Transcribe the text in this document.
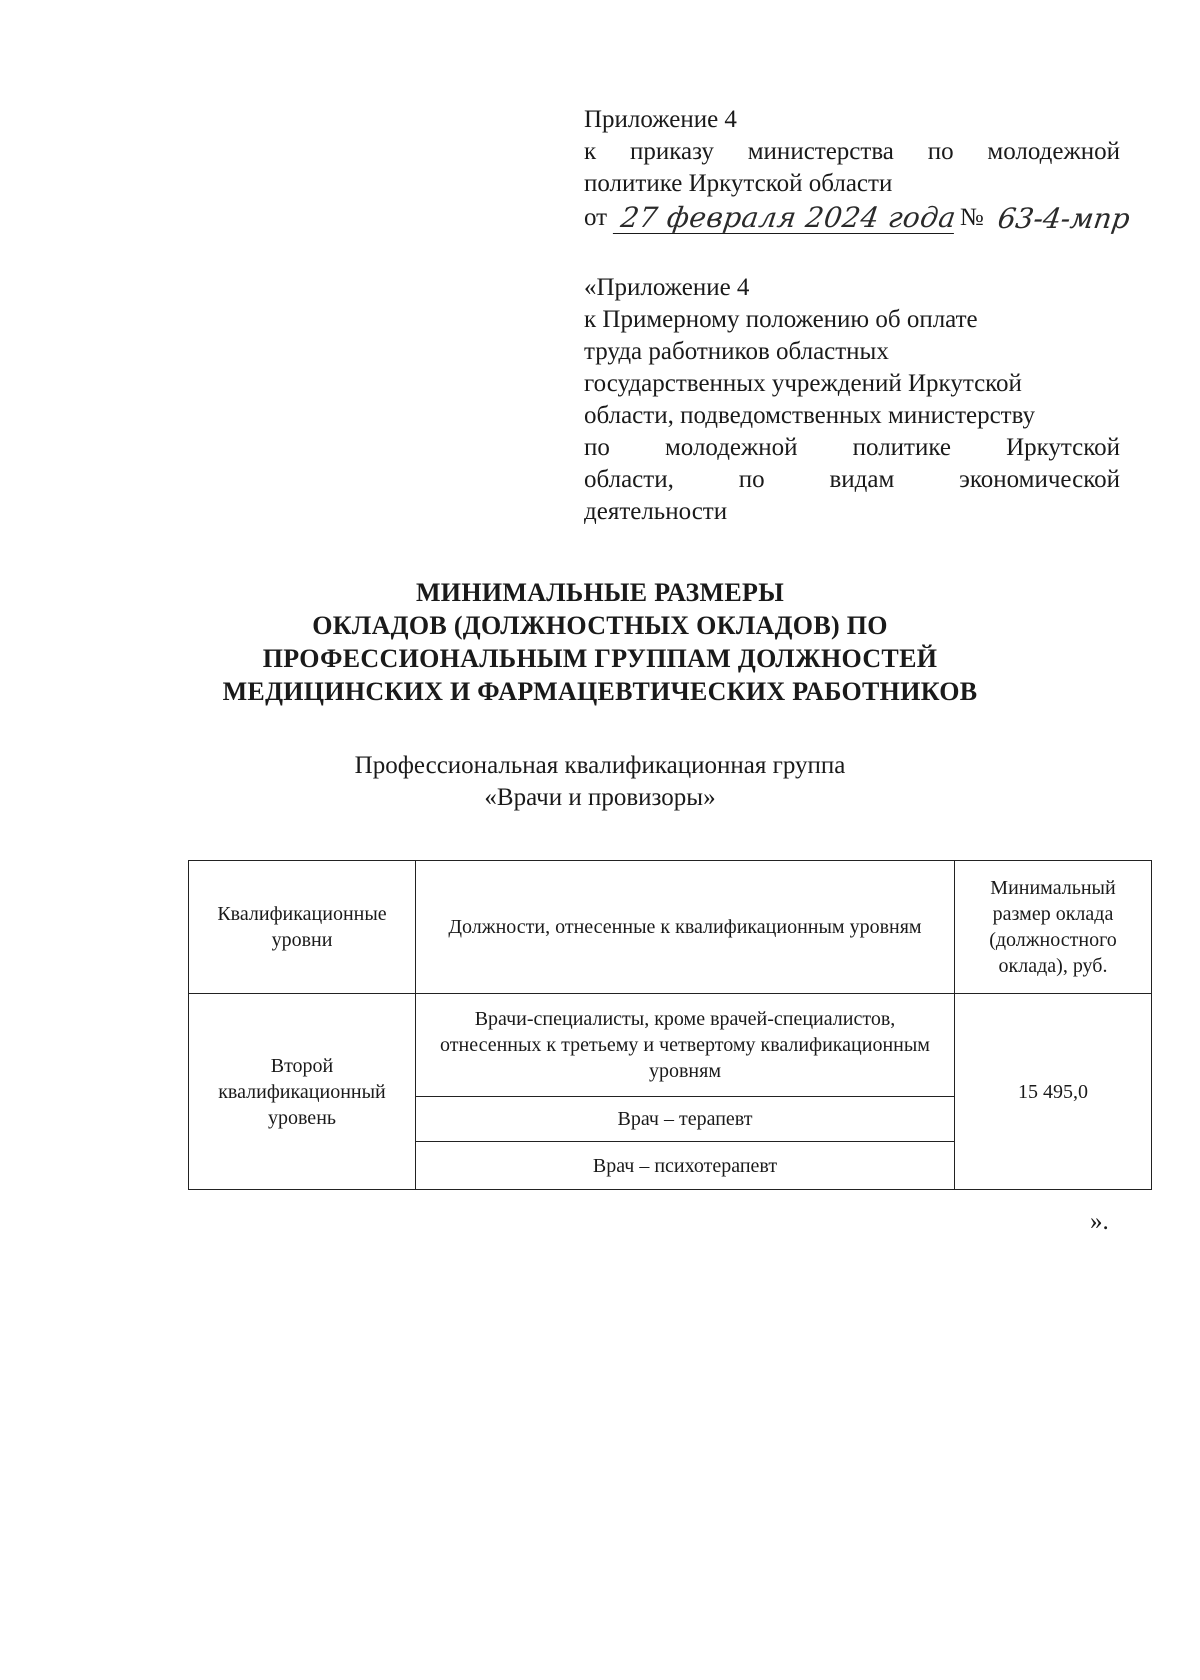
Приложение 4
к приказу министерства по молодежной
политике Иркутской области
от 27 февраля 2024 года № 63-4-мпр
«Приложение 4
к Примерному положению об оплате
труда работников областных
государственных учреждений Иркутской
области, подведомственных министерству
по молодежной политике Иркутской
области, по видам экономической
деятельности
МИНИМАЛЬНЫЕ РАЗМЕРЫ
ОКЛАДОВ (ДОЛЖНОСТНЫХ ОКЛАДОВ) ПО
ПРОФЕССИОНАЛЬНЫМ ГРУППАМ ДОЛЖНОСТЕЙ
МЕДИЦИНСКИХ И ФАРМАЦЕВТИЧЕСКИХ РАБОТНИКОВ
Профессиональная квалификационная группа
«Врачи и провизоры»
Квалификационные уровни	Должности, отнесенные к квалификационным уровням	Минимальный размер оклада (должностного оклада), руб.
Второй квалификационный уровень	Врачи-специалисты, кроме врачей-специалистов, отнесенных к третьему и четвертому квалификационным уровням	15 495,0
	Врач – терапевт	
	Врач – психотерапевт	
».
